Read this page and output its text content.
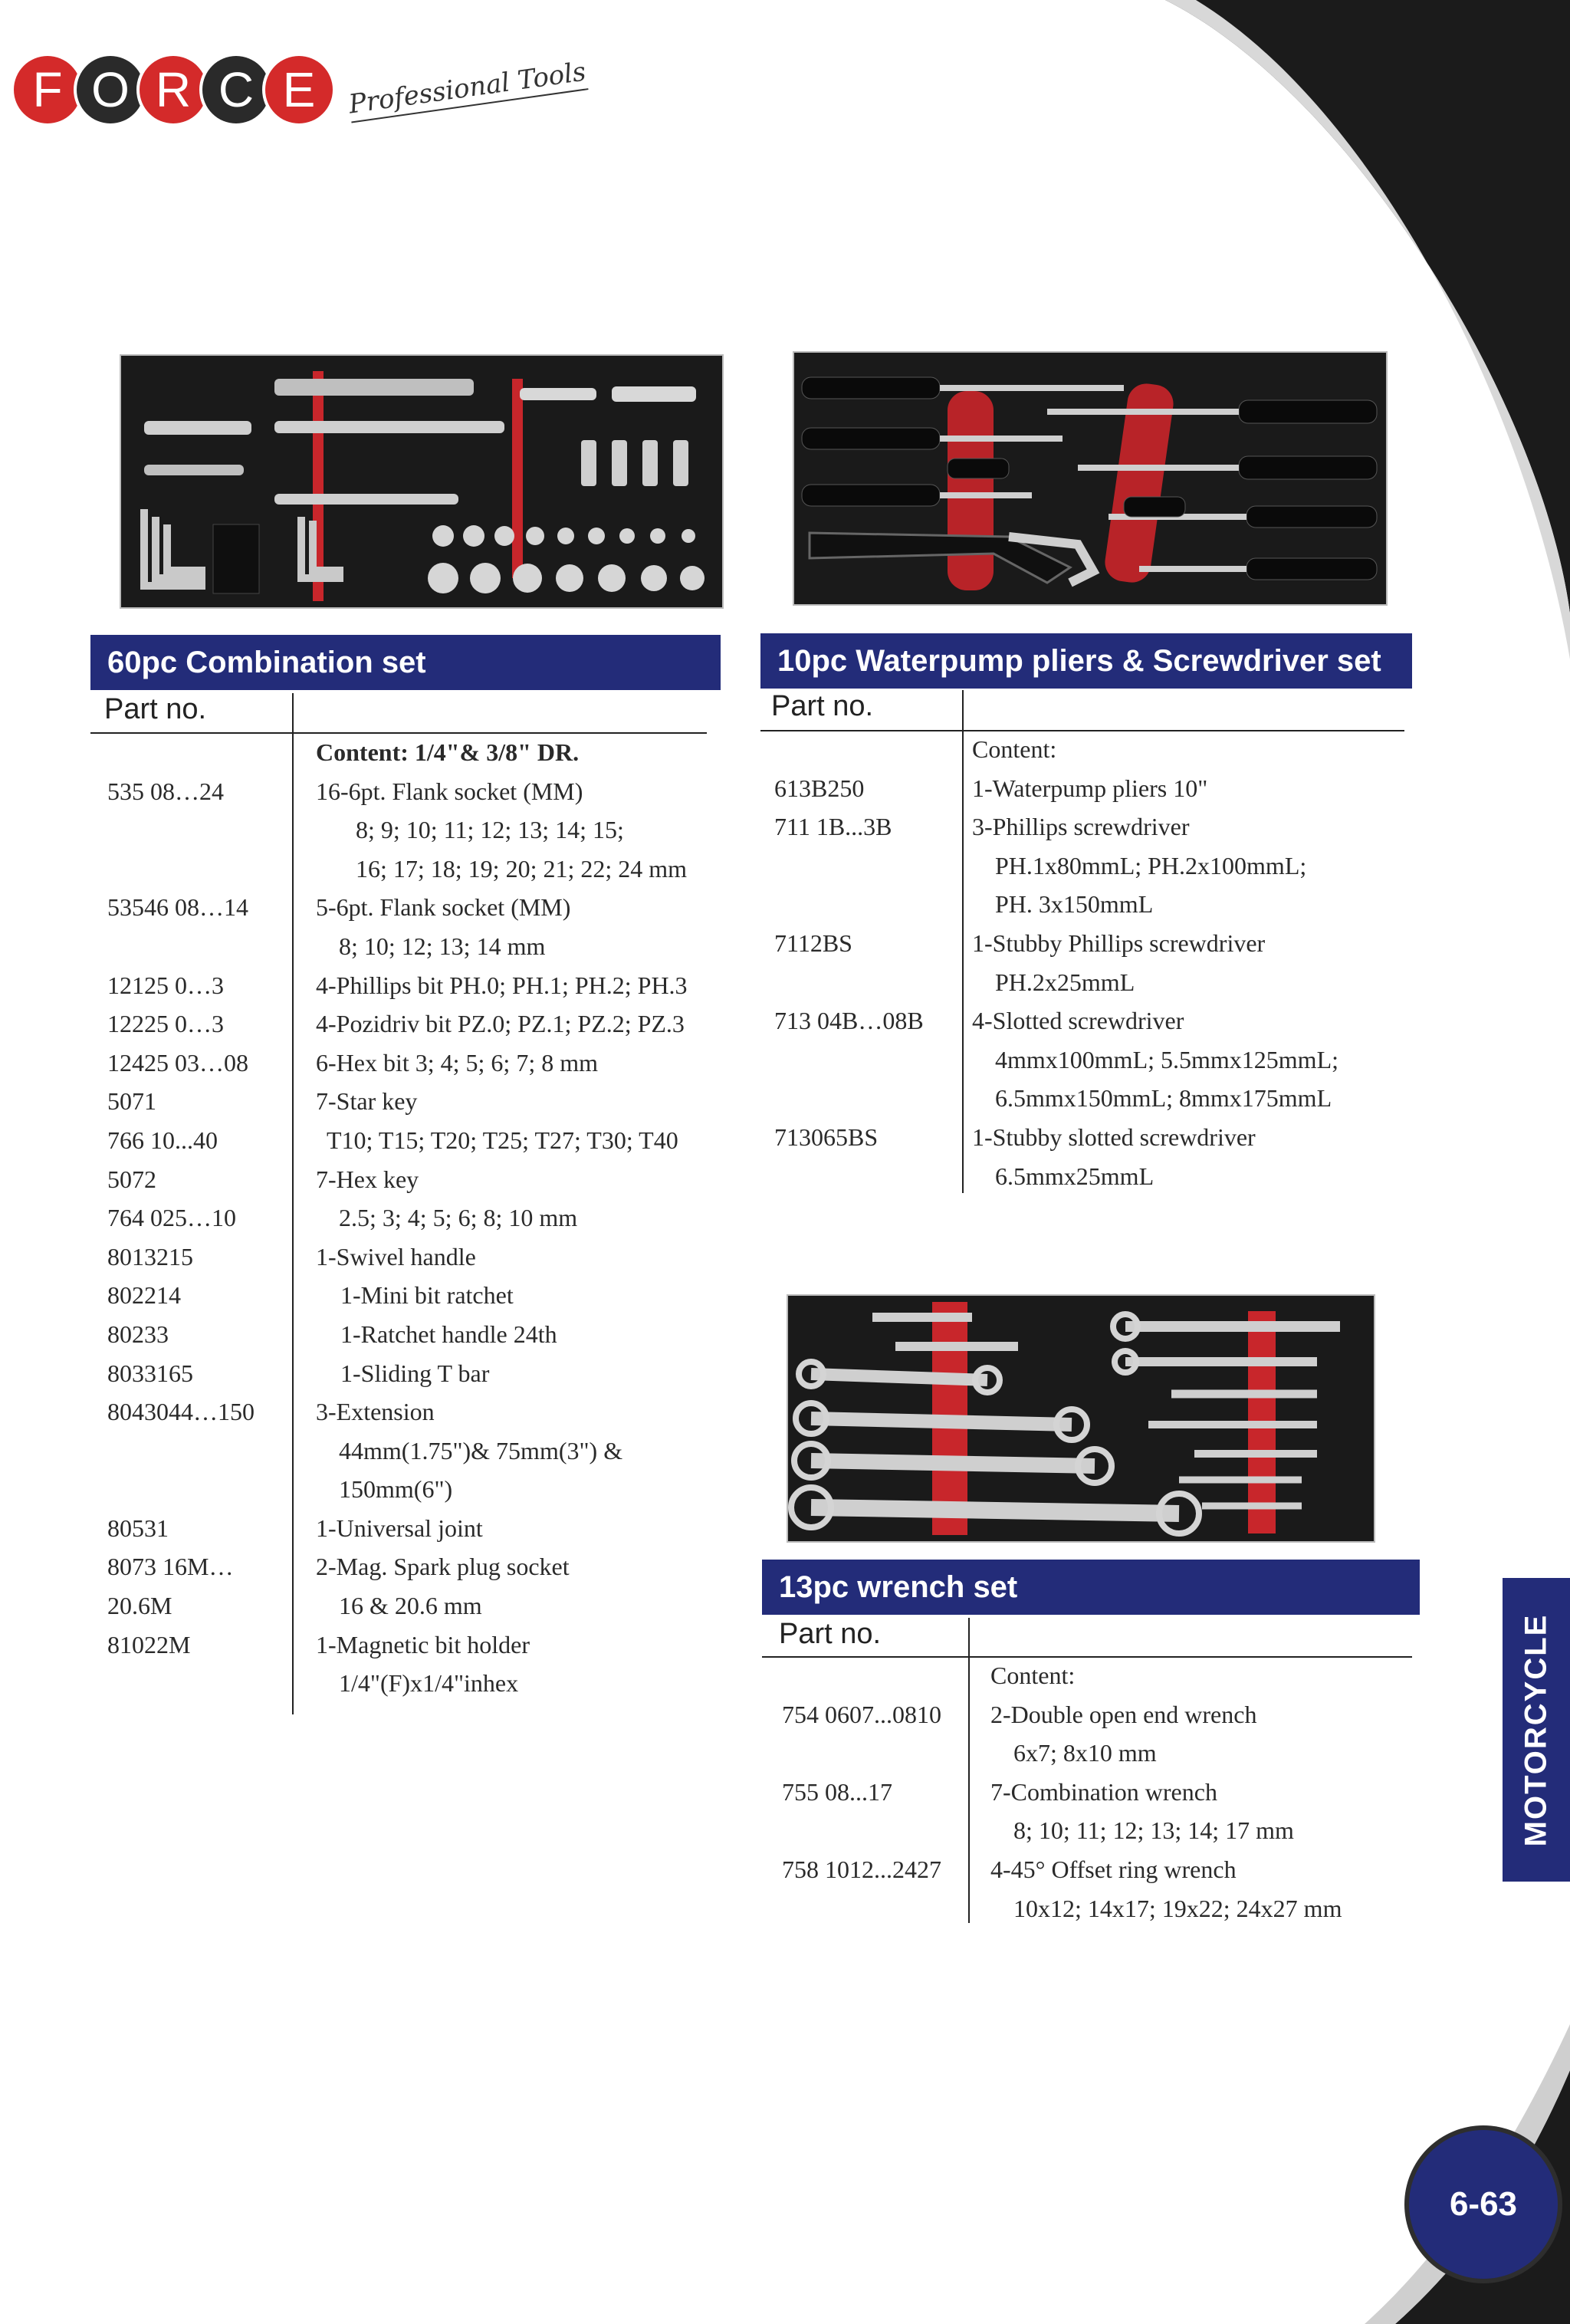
F O R C E	Professional Tools
60pc Combination set
Part no.
Content: 1/4"& 3/8" DR.
535 08…24	16-6pt. Flank socket (MM)
8; 9; 10; 11; 12; 13; 14; 15;
16; 17; 18; 19; 20; 21; 22; 24 mm
53546 08…14	5-6pt. Flank socket (MM)
8; 10; 12; 13; 14 mm
12125 0…3	4-Phillips bit PH.0; PH.1; PH.2; PH.3
12225 0…3	4-Pozidriv bit PZ.0; PZ.1; PZ.2; PZ.3
12425 03…08	6-Hex bit 3; 4; 5; 6; 7; 8 mm
5071	7-Star key
766 10...40	T10; T15; T20; T25; T27; T30; T40
5072	7-Hex key
764 025…10	2.5; 3; 4; 5; 6; 8; 10 mm
8013215	1-Swivel handle
802214	1-Mini bit ratchet
80233	1-Ratchet handle 24th
8033165	1-Sliding T bar
8043044…150	3-Extension
44mm(1.75")& 75mm(3") &
150mm(6")
80531	1-Universal joint
8073 16M…	2-Mag. Spark plug socket
20.6M	16 & 20.6 mm
81022M	1-Magnetic bit holder
1/4"(F)x1/4"inhex
10pc Waterpump pliers & Screwdriver set
Part no.
Content:
613B250	1-Waterpump pliers 10"
711 1B...3B	3-Phillips screwdriver
PH.1x80mmL; PH.2x100mmL;
PH. 3x150mmL
7112BS	1-Stubby Phillips screwdriver
PH.2x25mmL
713 04B…08B	4-Slotted screwdriver
4mmx100mmL; 5.5mmx125mmL;
6.5mmx150mmL; 8mmx175mmL
713065BS	1-Stubby slotted screwdriver
6.5mmx25mmL
13pc wrench set
Part no.
Content:
754 0607...0810	2-Double open end wrench
6x7; 8x10 mm
755 08...17	7-Combination wrench
8; 10; 11; 12; 13; 14; 17 mm
758 1012...2427	4-45° Offset ring wrench
10x12; 14x17; 19x22; 24x27 mm
MOTORCYCLE
6-63
